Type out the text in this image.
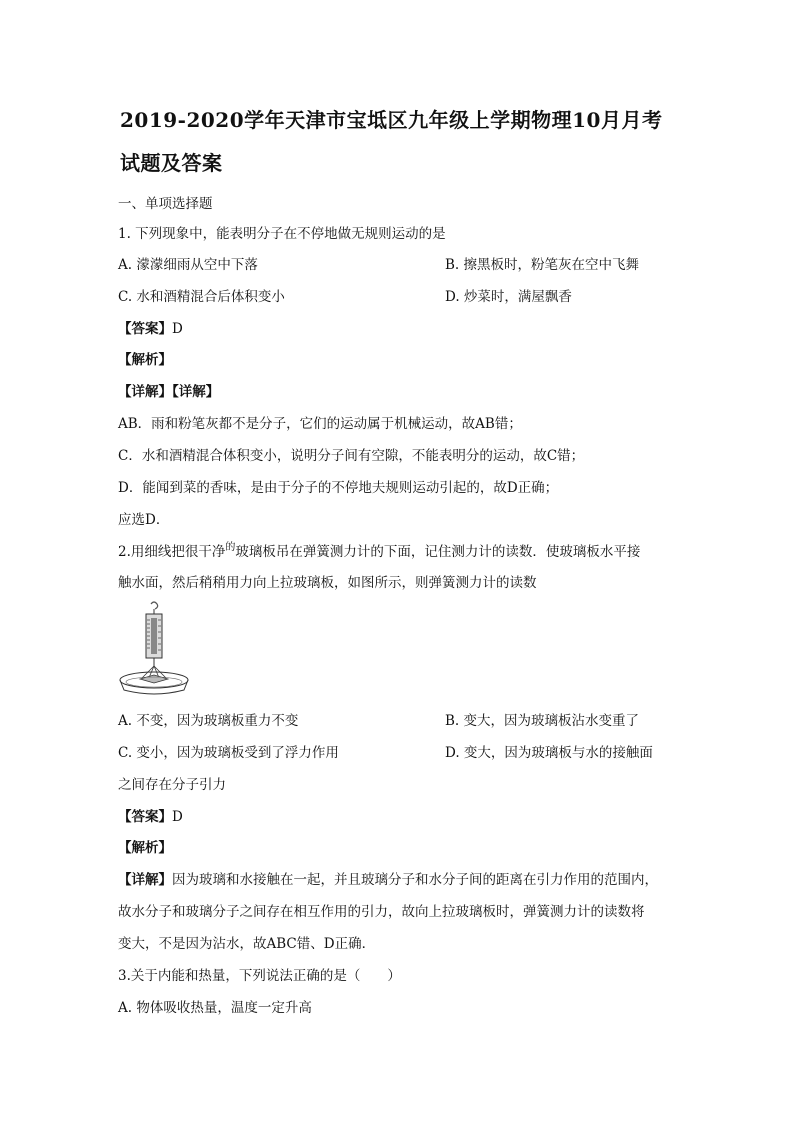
2019-2020学年天津市宝坻区九年级上学期物理10月月考
试题及答案
一、单项选择题
1. 下列现象中，能表明分子在不停地做无规则运动的是
A. 濛濛细雨从空中下落	B. 擦黑板时，粉笔灰在空中飞舞
C. 水和酒精混合后体积变小	D. 炒菜时，满屋飘香
【答案】D
【解析】
【详解】【详解】
AB．雨和粉笔灰都不是分子，它们的运动属于机械运动，故AB错；
C．水和酒精混合体积变小，说明分子间有空隙，不能表明分的运动，故C错；
D．能闻到菜的香味，是由于分子的不停地夫规则运动引起的，故D正确；
应选D．
2.用细线把很干净$^的$玻璃板吊在弹簧测力计的下面，记住测力计的读数．使玻璃板水平接
触水面，然后稍稍用力向上拉玻璃板，如图所示，则弹簧测力计的读数
A. 不变，因为玻璃板重力不变	B. 变大，因为玻璃板沾水变重了
C. 变小，因为玻璃板受到了浮力作用	D. 变大，因为玻璃板与水的接触面
之间存在分子引力
【答案】D
【解析】
【详解】因为玻璃和水接触在一起，并且玻璃分子和水分子间的距离在引力作用的范围内，
故水分子和玻璃分子之间存在相互作用的引力，故向上拉玻璃板时，弹簧测力计的读数将
变大，不是因为沾水，故ABC错、D正确．
3.关于内能和热量，下列说法正确的是（　　）
A. 物体吸收热量，温度一定升高
